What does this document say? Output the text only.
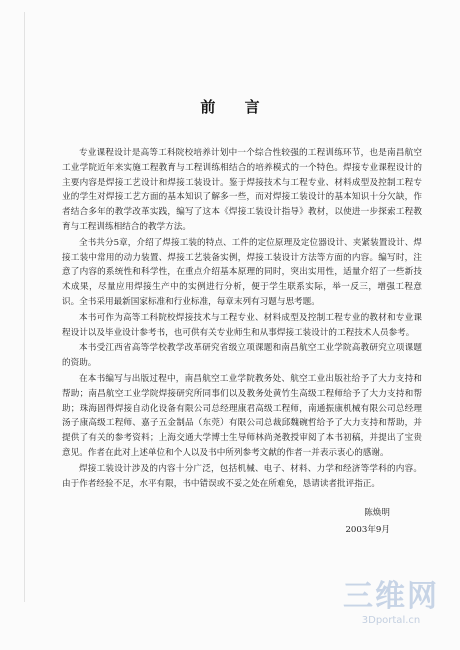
前 言

专业课程设计是高等工科院校培养计划中一个综合性较强的工程训练环节，也是南昌航空工业学院近年来实施工程教育与工程训练相结合的培养模式的一个特色。焊接专业课程设计的主要内容是焊接工艺设计和焊接工装设计。鉴于焊接技术与工程专业、材料成型及控制工程专业的学生对焊接工艺方面的基本知识了解多一些，而对焊接工装设计的基本知识十分欠缺，作者结合多年的教学改革实践，编写了这本《焊接工装设计指导》教材，以使进一步探索工程教育与工程训练相结合的教学方法。

全书共分5章，介绍了焊接工装的特点、工件的定位原理及定位器设计、夹紧装置设计、焊接工装中常用的动力装置、焊接工艺装备实例，焊接工装设计方法等方面的内容。编写时，注意了内容的系统性和科学性，在重点介绍基本原理的同时，突出实用性，适量介绍了一些新技术成果，尽量应用焊接生产中的实例进行分析，便于学生联系实际，举一反三，增强工程意识。全书采用最新国家标准和行业标准，每章末列有习题与思考题。

本书可作为高等工科院校焊接技术与工程专业、材料成型及控制工程专业的教材和专业课程设计以及毕业设计参考书，也可供有关专业师生和从事焊接工装设计的工程技术人员参考。

本书受江西省高等学校教学改革研究省级立项课题和南昌航空工业学院高教研究立项课题的资助。

在本书编写与出版过程中，南昌航空工业学院教务处、航空工业出版社给予了大力支持和帮助；南昌航空工业学院焊接研究所同事们以及教务处黄竹生高级工程师给予了大力支持和帮助；珠海固得焊接自动化设备有限公司总经理康君高级工程师，南通振康机械有限公司总经理汤子康高级工程师、嘉子五金制品（东莞）有限公司总裁邱魏碗哲给予了大力支持和帮助，并提供了有关的参考资料；上海交通大学博士生导师林尚尧教授审阅了本书初稿，并提出了宝贵意见。作者在此对上述单位和个人以及书中所列参考文献的作者一并表示衷心的感谢。

焊接工装设计涉及的内容十分广泛，包括机械、电子、材料、力学和经济等学科的内容。由于作者经验不足，水平有限，书中错误或不妥之处在所难免，恳请读者批评指正。

陈焕明
2003年9月
三维网
3Dportal.cn
